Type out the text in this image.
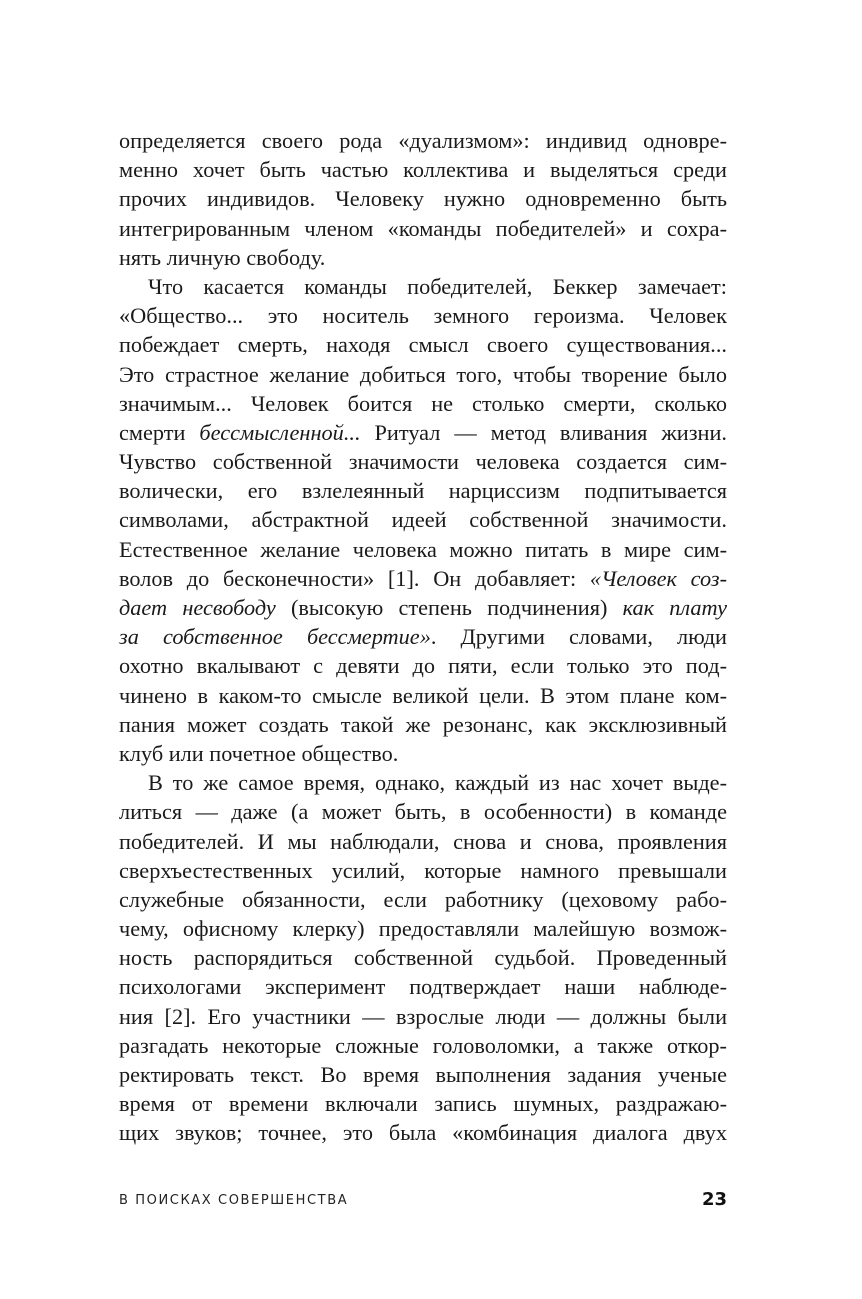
определяется своего рода «дуализмом»: индивид одновре-
менно хочет быть частью коллектива и выделяться среди
прочих индивидов. Человеку нужно одновременно быть
интегрированным членом «команды победителей» и сохра-
нять личную свободу.
Что касается команды победителей, Беккер замечает:
«Общество... это носитель земного героизма. Человек
побеждает смерть, находя смысл своего существования...
Это страстное желание добиться того, чтобы творение было
значимым... Человек боится не столько смерти, сколько
смерти бессмысленной... Ритуал — метод вливания жизни.
Чувство собственной значимости человека создается сим-
волически, его взлелеянный нарциссизм подпитывается
символами, абстрактной идеей собственной значимости.
Естественное желание человека можно питать в мире сим-
волов до бесконечности» [1]. Он добавляет: «Человек соз-
дает несвободу (высокую степень подчинения) как плату
за собственное бессмертие». Другими словами, люди
охотно вкалывают с девяти до пяти, если только это под-
чинено в каком-то смысле великой цели. В этом плане ком-
пания может создать такой же резонанс, как эксклюзивный
клуб или почетное общество.
В то же самое время, однако, каждый из нас хочет выде-
литься — даже (а может быть, в особенности) в команде
победителей. И мы наблюдали, снова и снова, проявления
сверхъестественных усилий, которые намного превышали
служебные обязанности, если работнику (цеховому рабо-
чему, офисному клерку) предоставляли малейшую возмож-
ность распорядиться собственной судьбой. Проведенный
психологами эксперимент подтверждает наши наблюде-
ния [2]. Его участники — взрослые люди — должны были
разгадать некоторые сложные головоломки, а также откор-
ректировать текст. Во время выполнения задания ученые
время от времени включали запись шумных, раздражаю-
щих звуков; точнее, это была «комбинация диалога двух
В ПОИСКАХ СОВЕРШЕНСТВА	23
